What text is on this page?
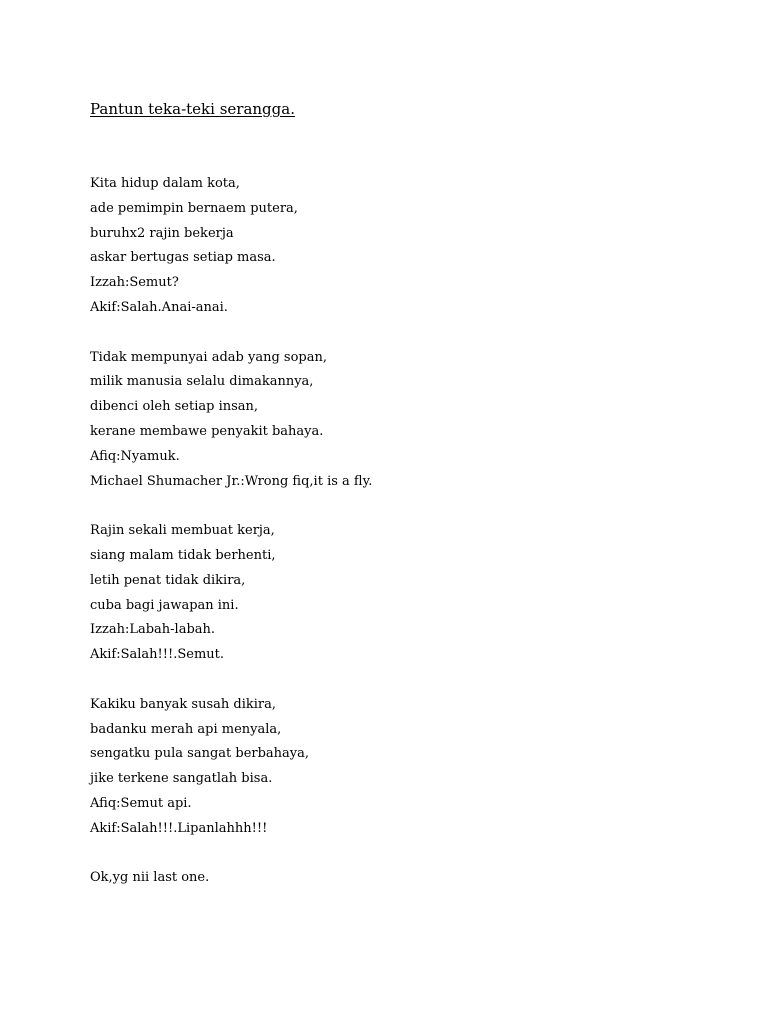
Pantun teka-teki serangga.
Kita hidup dalam kota,
ade pemimpin bernaem putera,
buruhx2 rajin bekerja
askar bertugas setiap masa.
Izzah:Semut?
Akif:Salah.Anai-anai.
Tidak mempunyai adab yang sopan,
milik manusia selalu dimakannya,
dibenci oleh setiap insan,
kerane membawe penyakit bahaya.
Afiq:Nyamuk.
Michael Shumacher Jr.:Wrong fiq,it is a fly.
Rajin sekali membuat kerja,
siang malam tidak berhenti,
letih penat tidak dikira,
cuba bagi jawapan ini.
Izzah:Labah-labah.
Akif:Salah!!!.Semut.
Kakiku banyak susah dikira,
badanku merah api menyala,
sengatku pula sangat berbahaya,
jike terkene sangatlah bisa.
Afiq:Semut api.
Akif:Salah!!!.Lipanlahhh!!!
Ok,yg nii last one.
